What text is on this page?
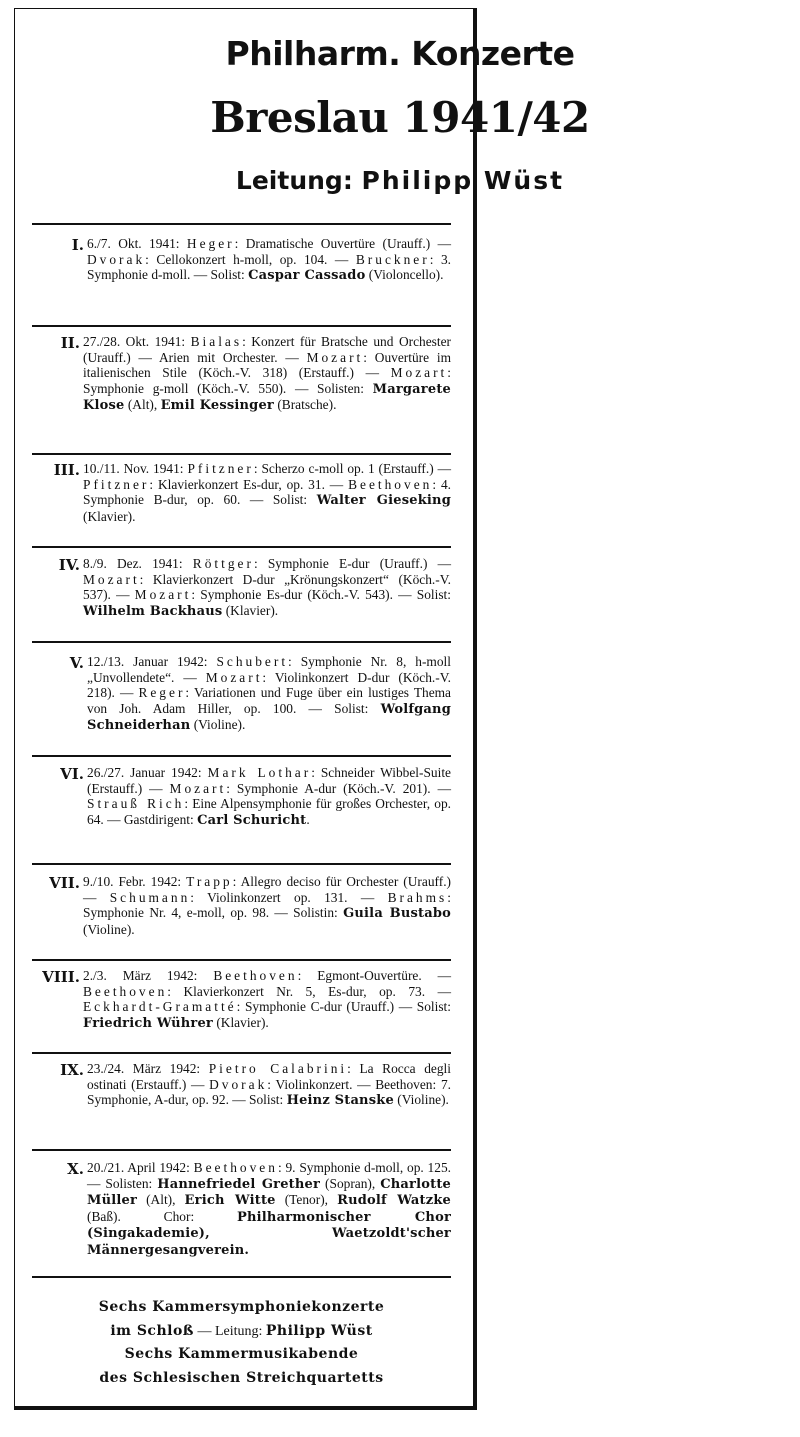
Philharm. Konzerte
Breslau 1941/42
Leitung: Philipp Wüst
I. 6./7. Okt. 1941: Heger: Dramatische Ouvertüre (Urauff.) — Dvorak: Cellokonzert h-moll, op. 104. — Bruckner: 3. Symphonie d-moll. — Solist: Caspar Cassado (Violoncello).
II. 27./28. Okt. 1941: Bialas: Konzert für Bratsche und Orchester (Urauff.) — Arien mit Orchester. — Mozart: Ouvertüre im italienischen Stile (Köch.-V. 318) (Erstauff.) — Mozart: Symphonie g-moll (Köch.-V. 550). — Solisten: Margarete Klose (Alt), Emil Kessinger (Bratsche).
III. 10./11. Nov. 1941: Pfitzner: Scherzo c-moll op. 1 (Erstauff.) — Pfitzner: Klavierkonzert Es-dur, op. 31. — Beethoven: 4. Symphonie B-dur, op. 60. — Solist: Walter Gieseking (Klavier).
IV. 8./9. Dez. 1941: Röttger: Symphonie E-dur (Urauff.) — Mozart: Klavierkonzert D-dur „Krönungskonzert“ (Köch.-V. 537). — Mozart: Symphonie Es-dur (Köch.-V. 543). — Solist: Wilhelm Backhaus (Klavier).
V. 12./13. Januar 1942: Schubert: Symphonie Nr. 8, h-moll „Unvollendete“. — Mozart: Violinkonzert D-dur (Köch.-V. 218). — Reger: Variationen und Fuge über ein lustiges Thema von Joh. Adam Hiller, op. 100. — Solist: Wolfgang Schneiderhan (Violine).
VI. 26./27. Januar 1942: Mark Lothar: Schneider Wibbel-Suite (Erstauff.) — Mozart: Symphonie A-dur (Köch.-V. 201). — Strauß Rich: Eine Alpensymphonie für großes Orchester, op. 64. — Gastdirigent: Carl Schuricht.
VII. 9./10. Febr. 1942: Trapp: Allegro deciso für Orchester (Urauff.) — Schumann: Violinkonzert op. 131. — Brahms: Symphonie Nr. 4, e-moll, op. 98. — Solistin: Guila Bustabo (Violine).
VIII. 2./3. März 1942: Beethoven: Egmont-Ouvertüre. — Beethoven: Klavierkonzert Nr. 5, Es-dur, op. 73. — Eckhardt-Gramatté: Symphonie C-dur (Urauff.) — Solist: Friedrich Wührer (Klavier).
IX. 23./24. März 1942: Pietro Calabrini: La Rocca degli ostinati (Erstauff.) — Dvorak: Violinkonzert. — Beethoven: 7. Symphonie, A-dur, op. 92. — Solist: Heinz Stanske (Violine).
X. 20./21. April 1942: Beethoven: 9. Symphonie d-moll, op. 125. — Solisten: Hannefriedel Grether (Sopran), Charlotte Müller (Alt), Erich Witte (Tenor), Rudolf Watzke (Baß). Chor: Philharmonischer Chor (Singakademie), Waetzoldt'scher Männergesangverein.
Sechs Kammersymphoniekonzerte
im Schloß — Leitung: Philipp Wüst
Sechs Kammermusikabende
des Schlesischen Streichquartetts
